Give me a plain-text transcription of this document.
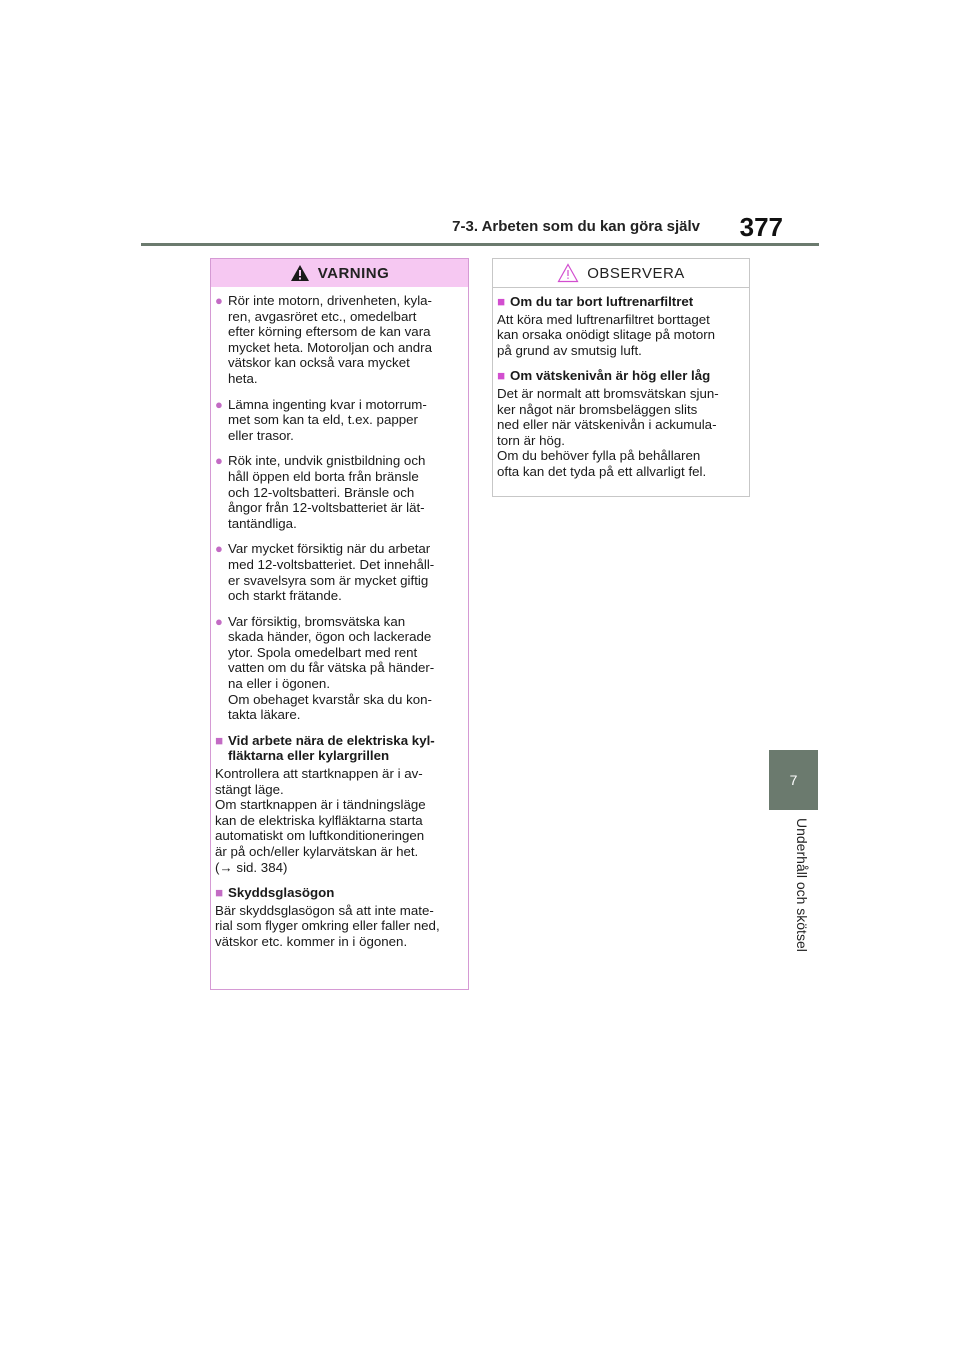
7-3. Arbeten som du kan göra själv	377
7
Underhåll och skötsel
VARNING
● Rör inte motorn, drivenheten, kyla-
ren, avgasröret etc., omedelbart
efter körning eftersom de kan vara
mycket heta. Motoroljan och andra
vätskor kan också vara mycket
heta.
● Lämna ingenting kvar i motorrum-
met som kan ta eld, t.ex. papper
eller trasor.
● Rök inte, undvik gnistbildning och
håll öppen eld borta från bränsle
och 12-voltsbatteri. Bränsle och
ångor från 12-voltsbatteriet är lät-
tantändliga.
● Var mycket försiktig när du arbetar
med 12-voltsbatteriet. Det innehåll-
er svavelsyra som är mycket giftig
och starkt frätande.
● Var försiktig, bromsvätska kan
skada händer, ögon och lackerade
ytor. Spola omedelbart med rent
vatten om du får vätska på händer-
na eller i ögonen.
Om obehaget kvarstår ska du kon-
takta läkare.
■ Vid arbete nära de elektriska kyl-
fläktarna eller kylargrillen
Kontrollera att startknappen är i av-
stängt läge.
Om startknappen är i tändningsläge
kan de elektriska kylfläktarna starta
automatiskt om luftkonditioneringen
är på och/eller kylarvätskan är het.
(→ sid. 384)
■ Skyddsglasögon
Bär skyddsglasögon så att inte mate-
rial som flyger omkring eller faller ned,
vätskor etc. kommer in i ögonen.
OBSERVERA
■ Om du tar bort luftrenarfiltret
Att köra med luftrenarfiltret borttaget
kan orsaka onödigt slitage på motorn
på grund av smutsig luft.
■ Om vätskenivån är hög eller låg
Det är normalt att bromsvätskan sjun-
ker något när bromsbeläggen slits
ned eller när vätskenivån i ackumula-
torn är hög.
Om du behöver fylla på behållaren
ofta kan det tyda på ett allvarligt fel.
